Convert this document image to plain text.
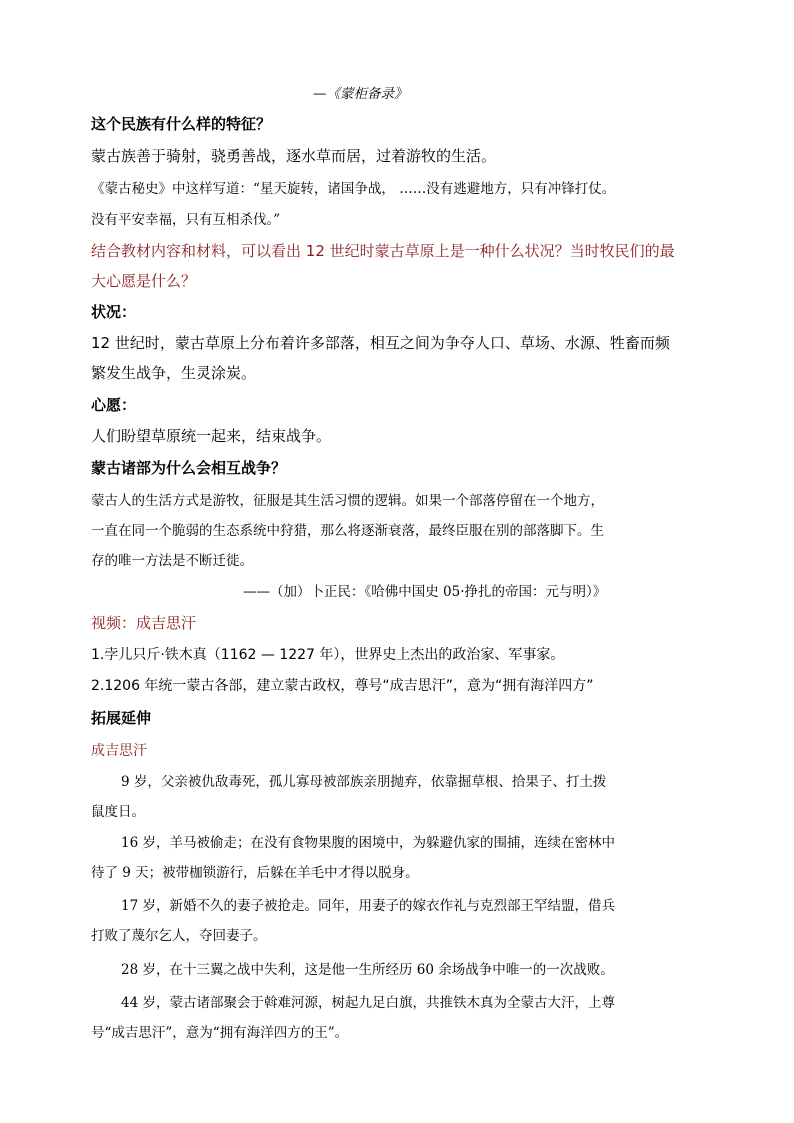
—《蒙柜备录》
这个民族有什么样的特征？
蒙古族善于骑射，骁勇善战，逐水草而居，过着游牧的生活。
《蒙古秘史》中这样写道：“星天旋转，诸国争战， ……没有逃避地方，只有冲锋打仗。
没有平安幸福，只有互相杀伐。”
结合教材内容和材料，可以看出 12 世纪时蒙古草原上是一种什么状况？当时牧民们的最
大心愿是什么？
状况：
12 世纪时，蒙古草原上分布着许多部落，相互之间为争夺人口、草场、水源、牲畜而频
繁发生战争，生灵涂炭。
心愿：
人们盼望草原统一起来，结束战争。
蒙古诸部为什么会相互战争？
蒙古人的生活方式是游牧，征服是其生活习惯的逻辑。如果一个部落停留在一个地方，
一直在同一个脆弱的生态系统中狩猎，那么将逐渐衰落，最终臣服在别的部落脚下。生
存的唯一方法是不断迁徙。
——（加）卜正民：《哈佛中国史 05·挣扎的帝国：元与明）》
视频：成吉思汗
1.孛儿只斤·铁木真（1162 — 1227 年），世界史上杰出的政治家、军事家。
2.1206 年统一蒙古各部，建立蒙古政权，尊号“成吉思汗”，意为“拥有海洋四方”
拓展延伸
成吉思汗
9 岁，父亲被仇敌毒死，孤儿寡母被部族亲朋抛弃，依靠掘草根、拾果子、打土拨
鼠度日。
16 岁，羊马被偷走；在没有食物果腹的困境中，为躲避仇家的围捕，连续在密林中
待了 9 天；被带枷锁游行，后躲在羊毛中才得以脱身。
17 岁，新婚不久的妻子被抢走。同年，用妻子的嫁衣作礼与克烈部王罕结盟，借兵
打败了蔑尔乞人，夺回妻子。
28 岁，在十三翼之战中失利，这是他一生所经历 60 余场战争中唯一的一次战败。
44 岁，蒙古诸部聚会于斡难河源，树起九足白旗，共推铁木真为全蒙古大汗，上尊
号“成吉思汗”，意为“拥有海洋四方的王”。
